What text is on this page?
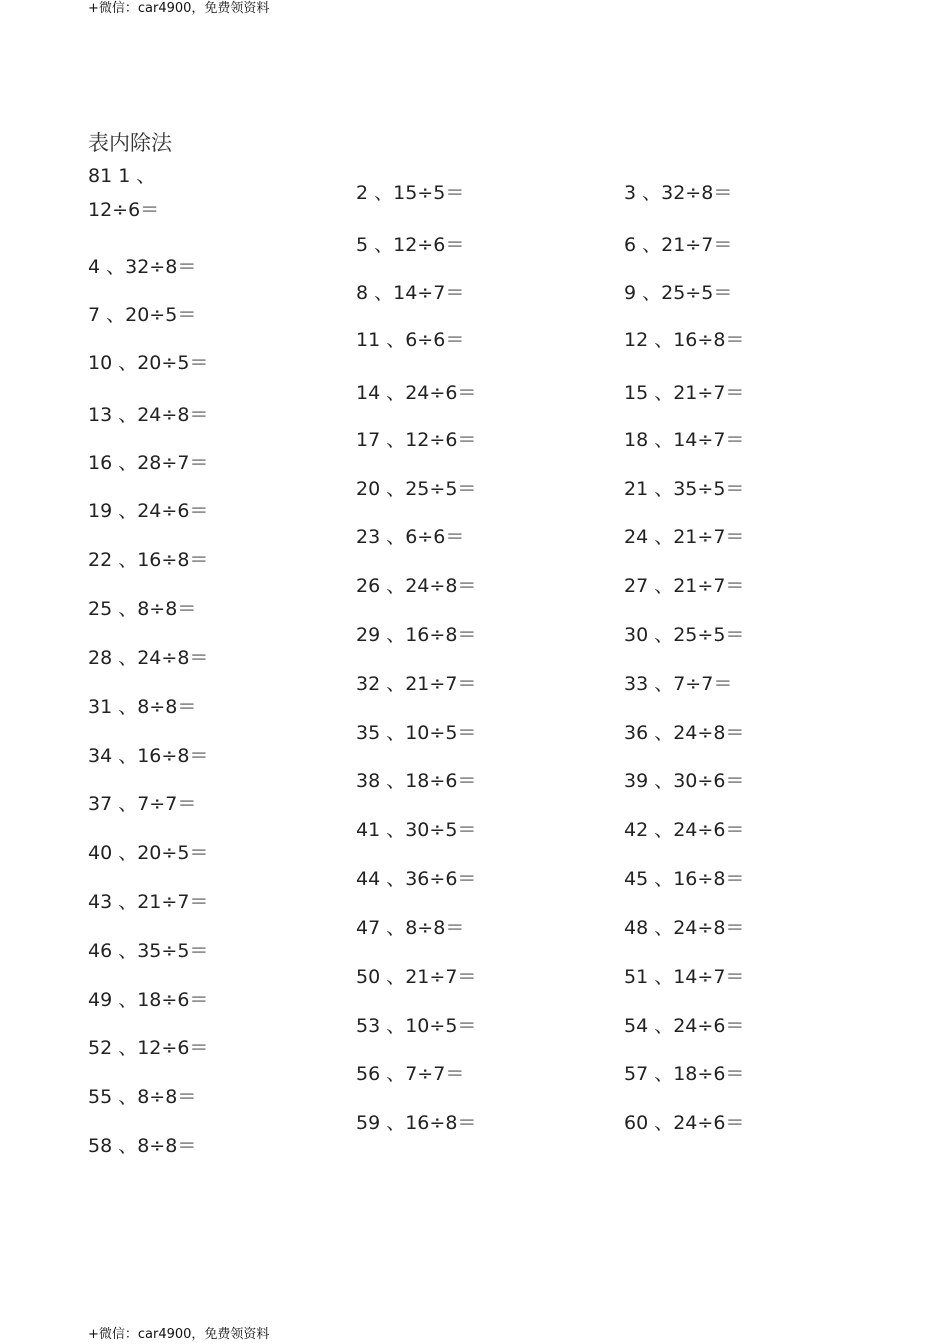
+微信：car4900，免费领资料
表内除法
81 1 、
12÷6＝
4 、32÷8＝
7 、20÷5＝
10 、20÷5＝
13 、24÷8＝
16 、28÷7＝
19 、24÷6＝
22 、16÷8＝
25 、8÷8＝
28 、24÷8＝
31 、8÷8＝
34 、16÷8＝
37 、7÷7＝
40 、20÷5＝
43 、21÷7＝
46 、35÷5＝
49 、18÷6＝
52 、12÷6＝
55 、8÷8＝
58 、8÷8＝
2 、15÷5＝
5 、12÷6＝
8 、14÷7＝
11 、6÷6＝
14 、24÷6＝
17 、12÷6＝
20 、25÷5＝
23 、6÷6＝
26 、24÷8＝
29 、16÷8＝
32 、21÷7＝
35 、10÷5＝
38 、18÷6＝
41 、30÷5＝
44 、36÷6＝
47 、8÷8＝
50 、21÷7＝
53 、10÷5＝
56 、7÷7＝
59 、16÷8＝
3 、32÷8＝
6 、21÷7＝
9 、25÷5＝
12 、16÷8＝
15 、21÷7＝
18 、14÷7＝
21 、35÷5＝
24 、21÷7＝
27 、21÷7＝
30 、25÷5＝
33 、7÷7＝
36 、24÷8＝
39 、30÷6＝
42 、24÷6＝
45 、16÷8＝
48 、24÷8＝
51 、14÷7＝
54 、24÷6＝
57 、18÷6＝
60 、24÷6＝
+微信：car4900，免费领资料
